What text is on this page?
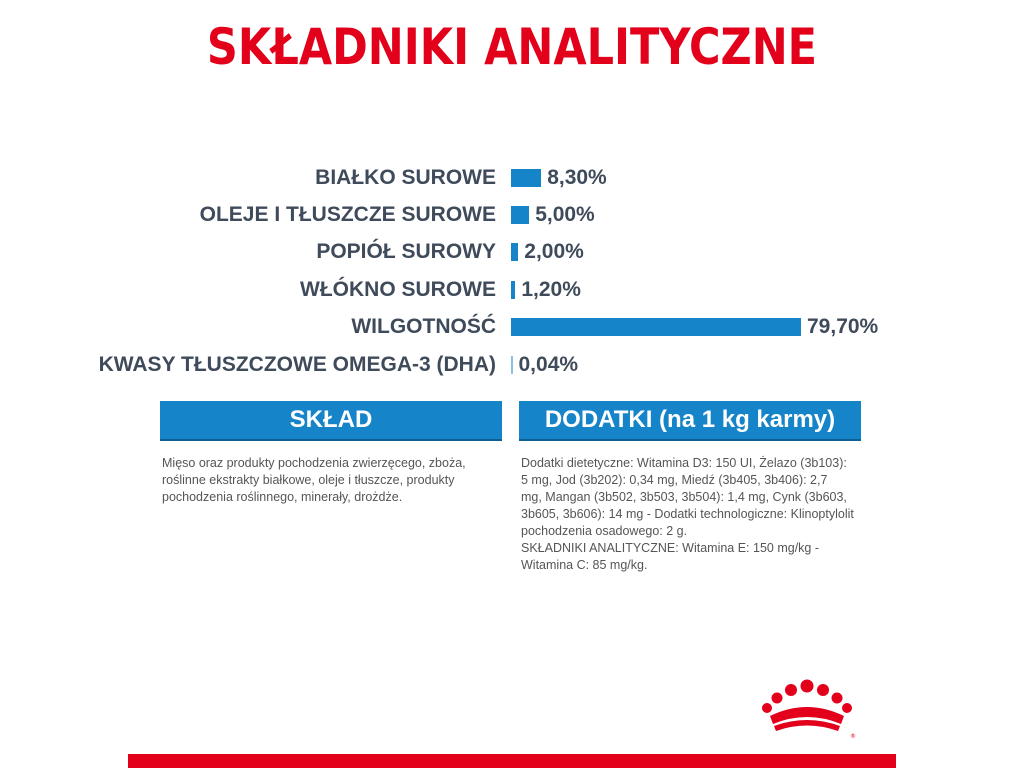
SKŁADNIKI ANALITYCZNE
BIAŁKO SUROWE 8,30%
OLEJE I TŁUSZCZE SUROWE 5,00%
POPIÓŁ SUROWY 2,00%
WŁÓKNO SUROWE 1,20%
WILGOTNOŚĆ	79,70%
KWASY TŁUSZCZOWE OMEGA-3 (DHA) 0,04%
SKŁAD
Mięso oraz produkty pochodzenia zwierzęcego, zboża,
roślinne ekstrakty białkowe, oleje i tłuszcze, produkty
pochodzenia roślinnego, minerały, drożdże.
DODATKI (na 1 kg karmy)
Dodatki dietetyczne: Witamina D3: 150 UI, Żelazo (3b103):
5 mg, Jod (3b202): 0,34 mg, Miedź (3b405, 3b406): 2,7
mg, Mangan (3b502, 3b503, 3b504): 1,4 mg, Cynk (3b603,
3b605, 3b606): 14 mg - Dodatki technologiczne: Klinoptylolit
pochodzenia osadowego: 2 g.
SKŁADNIKI ANALITYCZNE: Witamina E: 150 mg/kg -
Witamina C: 85 mg/kg.
®
